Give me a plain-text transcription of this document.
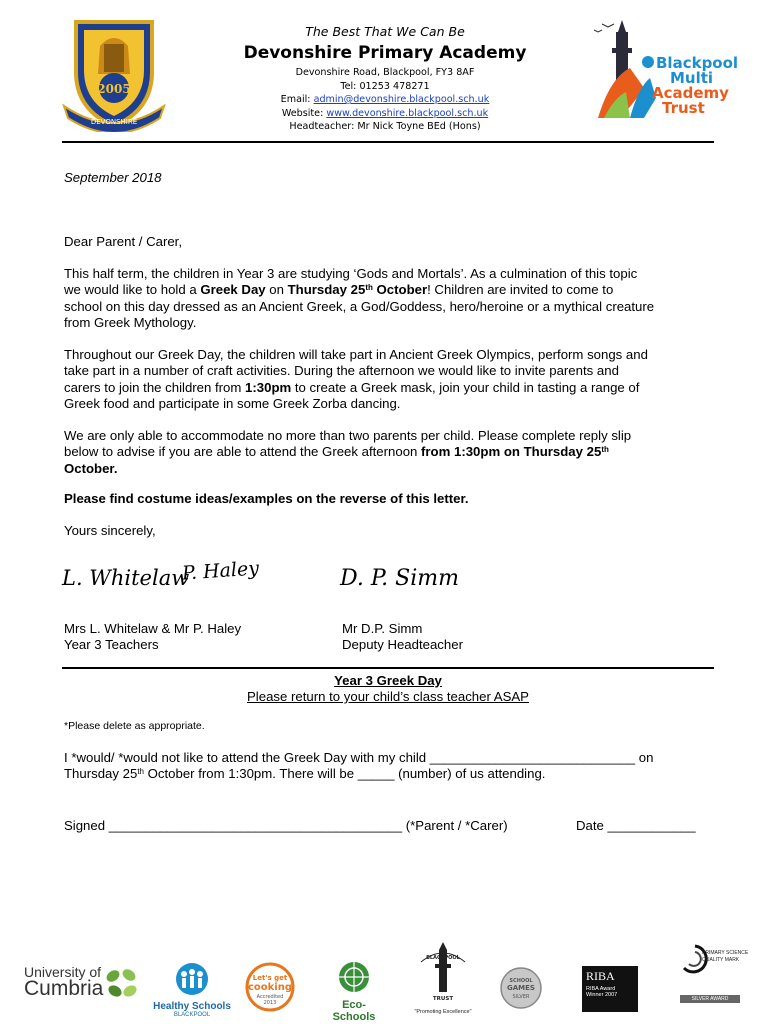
2005
DEVONSHIRE
The Best That We Can Be
Devonshire Primary Academy
Devonshire Road, Blackpool, FY3 8AF
Tel: 01253 478271
Email: admin@devonshire.blackpool.sch.uk
Website: www.devonshire.blackpool.sch.uk
Headteacher: Mr Nick Toyne BEd (Hons)
Blackpool
Multi
Academy
Trust
September 2018
Dear Parent / Carer,
This half term, the children in Year 3 are studying ‘Gods and Mortals’. As a culmination of this topic
we would like to hold a Greek Day on Thursday 25th October! Children are invited to come to
school on this day dressed as an Ancient Greek, a God/Goddess, hero/heroine or a mythical creature
from Greek Mythology.
Throughout our Greek Day, the children will take part in Ancient Greek Olympics, perform songs and
take part in a number of craft activities. During the afternoon we would like to invite parents and
carers to join the children from 1:30pm to create a Greek mask, join your child in tasting a range of
Greek food and participate in some Greek Zorba dancing.
We are only able to accommodate no more than two parents per child. Please complete reply slip
below to advise if you are able to attend the Greek afternoon from 1:30pm on Thursday 25th
October.
Please find costume ideas/examples on the reverse of this letter.
Yours sincerely,
L. Whitelaw
P. Haley	D. P. Simm
Mrs L. Whitelaw & Mr P. Haley
Year 3 Teachers
Mr D.P. Simm
Deputy Headteacher
Year 3 Greek Day
Please return to your child’s class teacher ASAP
*Please delete as appropriate.
I *would/ *would not like to attend the Greek Day with my child ____________________________ on
Thursday 25th October from 1:30pm. There will be _____ (number) of us attending.
Signed ________________________________________ (*Parent / *Carer)	Date ____________
University of
Cumbria
Healthy Schools
BLACKPOOL
Let's get
cooking
Accredited
2013	Eco-Schools
BLACKPOOL
TRUST
"Promoting Excellence"
SCHOOL
GAMES
SILVER
RIBA
RIBA Award
Winner 2007
PRIMARY SCIENCE
QUALITY MARK
SILVER AWARD
